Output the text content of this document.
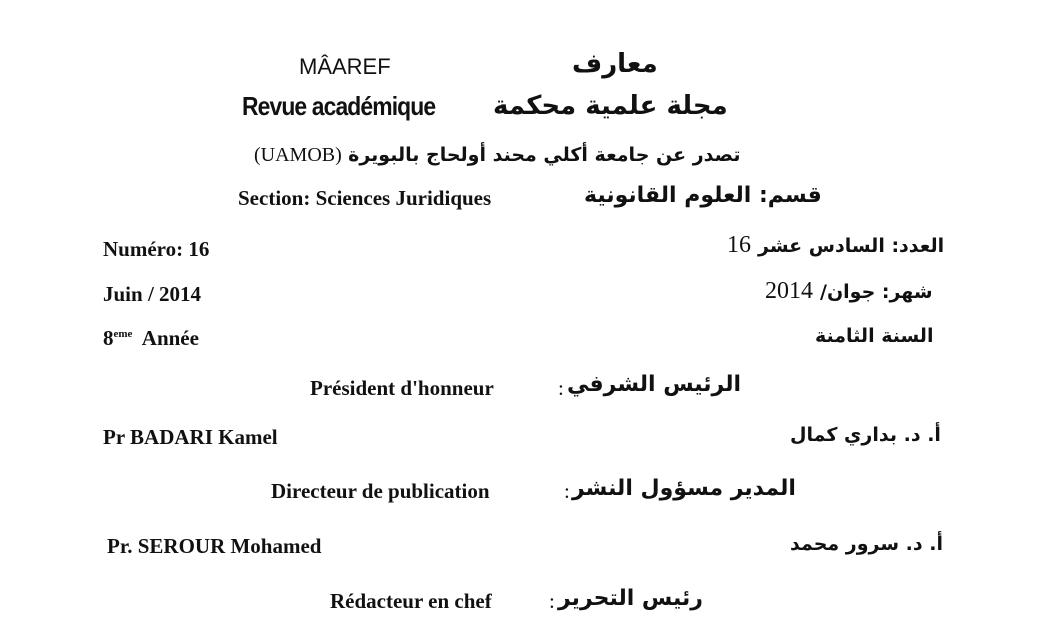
MÂAREF	معارف
Revue académique مجلة علمية محكمة
(UAMOB) تصدر عن جامعة أكلي محند أولحاج بالبويرة
Section: Sciences Juridiques	قسم: العلوم القانونية
Numéro: 16	16 العدد: السادس عشر
Juin / 2014	2014 شهر: جوان/
8eme Année	السنة الثامنة
Président d'honneur	: الرئيس الشرفي
Pr BADARI Kamel	أ. د. بداري كمال
Directeur de publication	: المدير مسؤول النشر
Pr. SEROUR Mohamed	أ. د. سرور محمد
Rédacteur en chef	: رئيس التحرير
